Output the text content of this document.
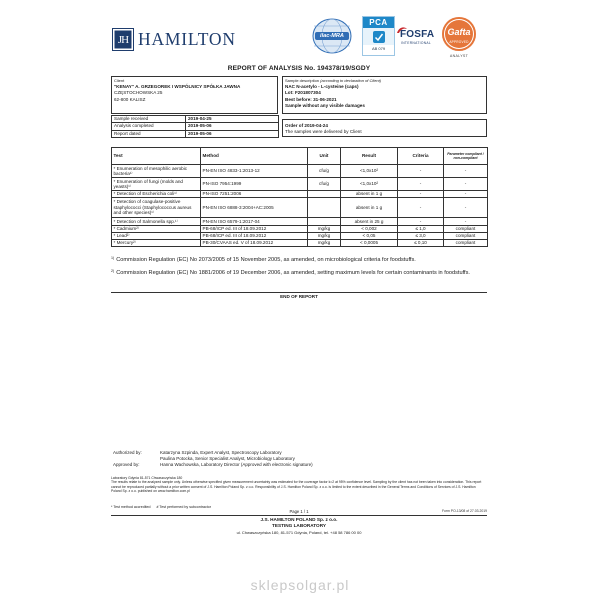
JH HAMILTON	ilac-MRA
PCA
AB 079
FOSFA
INTERNATIONAL
Gafta
APPROVED
ANALYST
REPORT OF ANALYSIS No. 194378/19/SGDY
Client
"KENAY" A. GRZEGOREK I WSPÓLNICY SPÓŁKA JAWNA
CZĘSTOCHOWSKA 25
62-800 KALISZ
Sample description (according to declaration of Client)
NAC N-acetylo - L-cysteine (caps)
Lot: F201807304
Best before: 31-06-2021
Sample without any visible damages
Sample received	2019-04-25
Analysis completed	2019-05-06
Report dated	2019-05-06
Order of 2019-04-24
The samples were delivered by Client
Test	Method	Unit	Result	Criteria	Parameter compliant / non-compliant
* Enumeration of mesophilic aerobic bacteria¹⁾	PN-EN ISO 4833-1:2013-12	cfu/g	<1,0x10²	-	-
* Enumeration of fungi (molds and yeasts)¹⁾	PN-ISO 7954:1999	cfu/g	<1,0x10²	-	-
* Detection of Escherichia coli¹⁾	PN-ISO 7251:2006		absent in 1 g	-	-
* Detection of coagulase-positive staphylococci (Staphylococcus aureus and other species)¹⁾	PN-EN ISO 6888-3:2004+AC:2005		absent in 1 g	-	-
* Detection of Salmonella spp.¹⁾	PN-EN ISO 6579-1:2017-04		absent in 25 g	-	-
* Cadmium²⁾	PB-68/ICP ed. III of 18.09.2012	mg/kg	< 0,002	≤ 1,0	compliant
* Lead²⁾	PB-68/ICP ed. III of 18.09.2012	mg/kg	< 0,05	≤ 3,0	compliant
* Mercury²⁾	PB-30/CVAAS ed. V of 18.09.2012	mg/kg	< 0,0005	≤ 0,10	compliant
$^{1)}$ Commission Regulation (EC) No 2073/2005 of 15 November 2005, as amended, on microbiological criteria for foodstuffs.
$^{2)}$ Commission Regulation (EC) No 1881/2006 of 19 December 2006, as amended, setting maximum levels for certain contaminants in foodstuffs.
END OF REPORT
Authorized by:	Katarzyna Szpinda, Expert Analyst, Spectroscopy Laboratory
Paulina Potocka, Senior Specialist Analyst, Microbiology Laboratory
Approved by:	Hanna Wachowska, Laboratory Director (Approved with electronic signature)
Laboratory Gdynia 81-571 Chwaszczyńska 180
The results relate to the analyzed sample only. Unless otherwise specified given measurement uncertainty was estimated for the coverage factor k=2 at 95% confidence level. Sampling by the client has not been taken into consideration. This report cannot be reproduced partially without a prior written consent of J.S. Hamilton Poland Sp. z o.o. Responsibility of J.S. Hamilton Poland Sp. z o.o. is limited to the extent described in the General Terms and Conditions of Services of J.S. Hamilton Poland Sp. z o.o. published on www.hamilton.com.pl
* Test method accredited # Test performed by subcontractor
Page 1 / 1	Form PO-13/08 of 27.03.2019
J.S. HAMILTON POLAND Sp. z o.o.
TESTING LABORATORY
ul. Chwaszczyńska 180, 81-571 Gdynia, Poland, tel. +48 58 786 00 00
sklepsolgar.pl
